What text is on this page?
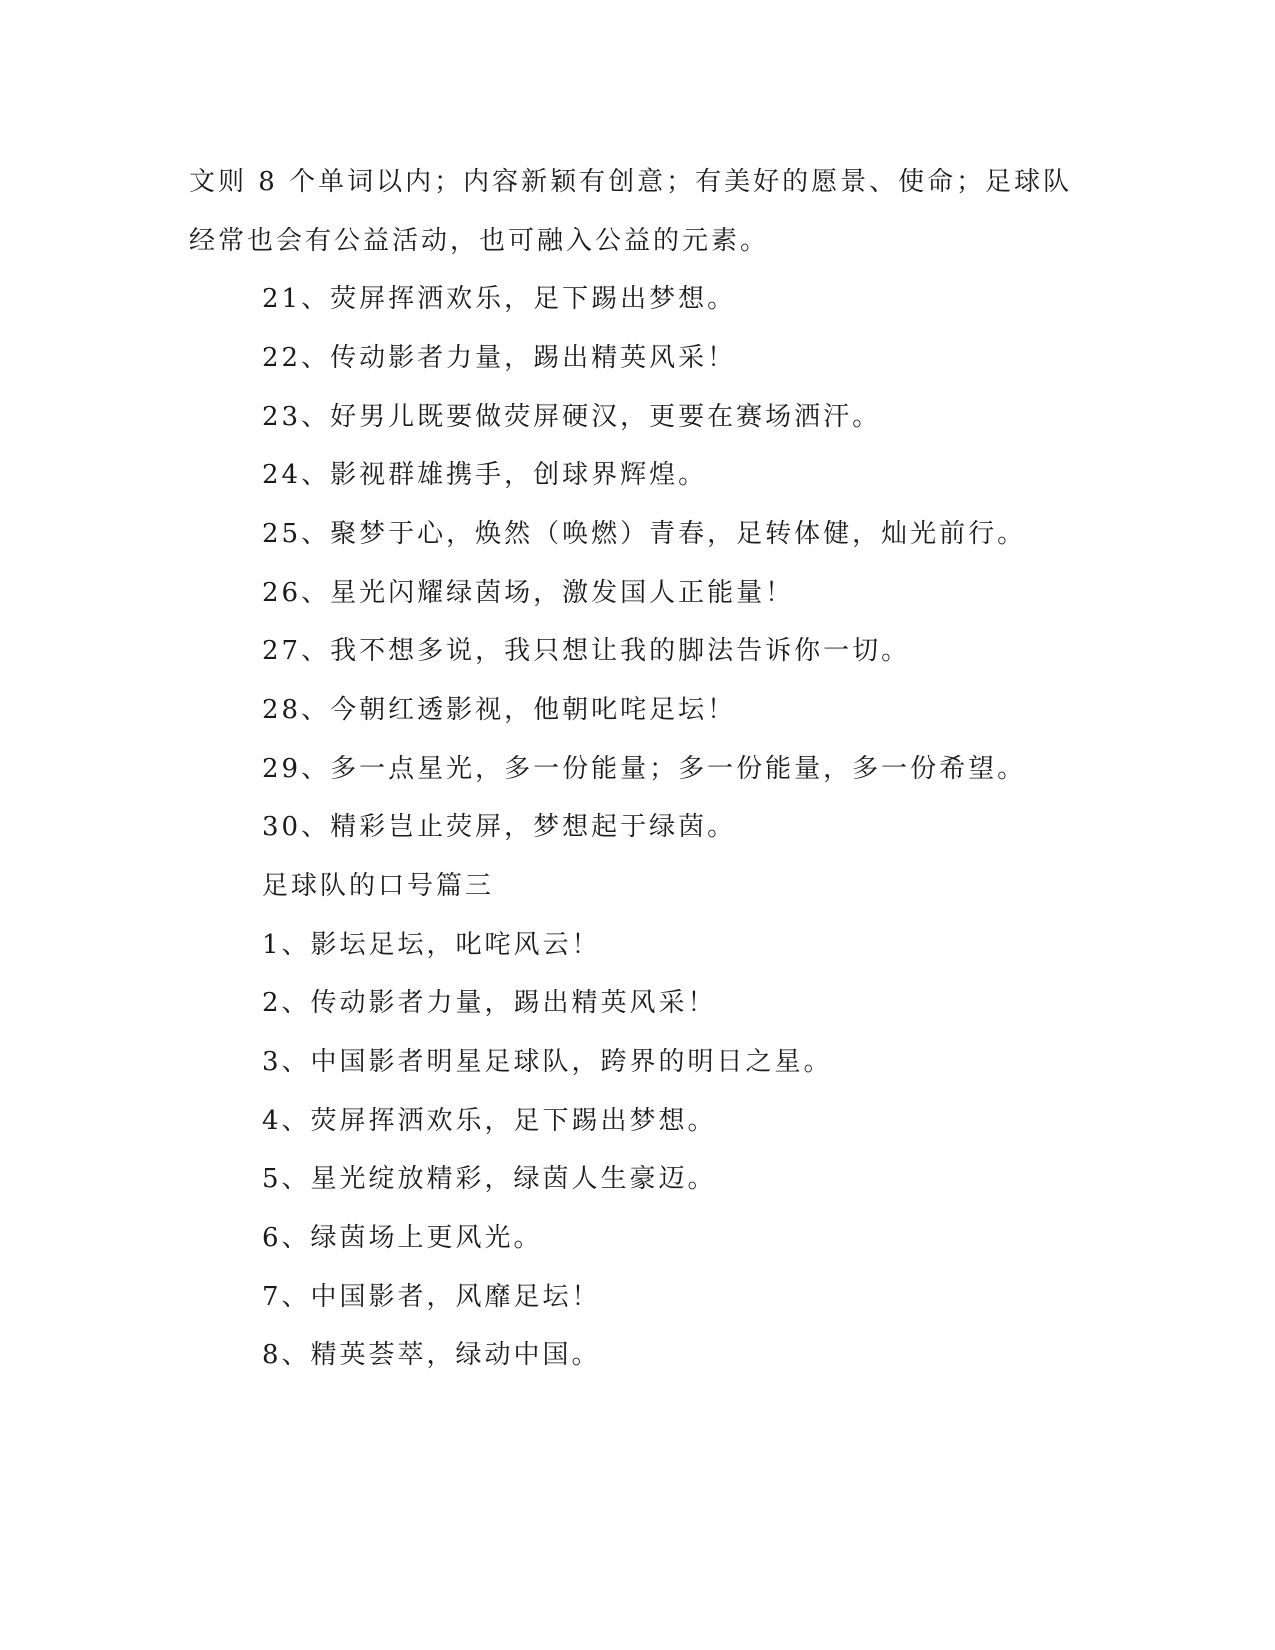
文则 8 个单词以内；内容新颖有创意；有美好的愿景、使命；足球队
经常也会有公益活动，也可融入公益的元素。
21、荧屏挥洒欢乐，足下踢出梦想。
22、传动影者力量，踢出精英风采！
23、好男儿既要做荧屏硬汉，更要在赛场洒汗。
24、影视群雄携手，创球界辉煌。
25、聚梦于心，焕然（唤燃）青春，足转体健，灿光前行。
26、星光闪耀绿茵场，激发国人正能量！
27、我不想多说，我只想让我的脚法告诉你一切。
28、今朝红透影视，他朝叱咤足坛！
29、多一点星光，多一份能量；多一份能量，多一份希望。
30、精彩岂止荧屏，梦想起于绿茵。
足球队的口号篇三
1、影坛足坛，叱咤风云！
2、传动影者力量，踢出精英风采！
3、中国影者明星足球队，跨界的明日之星。
4、荧屏挥洒欢乐，足下踢出梦想。
5、星光绽放精彩，绿茵人生豪迈。
6、绿茵场上更风光。
7、中国影者，风靡足坛！
8、精英荟萃，绿动中国。
